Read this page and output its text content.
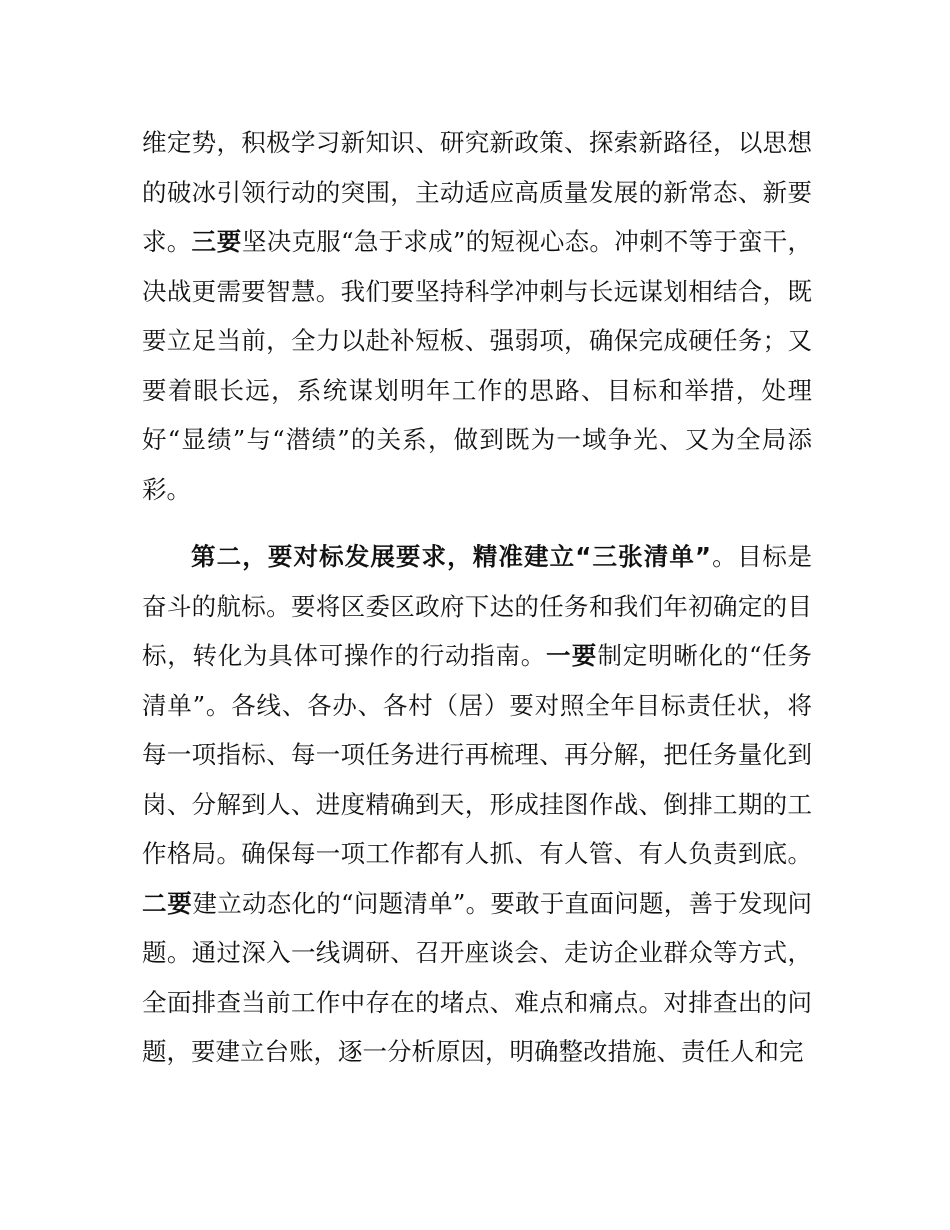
维定势，积极学习新知识、研究新政策、探索新路径，以思想的破冰引领行动的突围，主动适应高质量发展的新常态、新要求。三要坚决克服“急于求成”的短视心态。冲刺不等于蛮干，决战更需要智慧。我们要坚持科学冲刺与长远谋划相结合，既要立足当前，全力以赴补短板、强弱项，确保完成硬任务；又要着眼长远，系统谋划明年工作的思路、目标和举措，处理好“显绩”与“潜绩”的关系，做到既为一域争光、又为全局添彩。

第二，要对标发展要求，精准建立“三张清单”。目标是奋斗的航标。要将区委区政府下达的任务和我们年初确定的目标，转化为具体可操作的行动指南。一要制定明晰化的“任务清单”。各线、各办、各村（居）要对照全年目标责任状，将每一项指标、每一项任务进行再梳理、再分解，把任务量化到岗、分解到人、进度精确到天，形成挂图作战、倒排工期的工作格局。确保每一项工作都有人抓、有人管、有人负责到底。二要建立动态化的“问题清单”。要敢于直面问题，善于发现问题。通过深入一线调研、召开座谈会、走访企业群众等方式，全面排查当前工作中存在的堵点、难点和痛点。对排查出的问题，要建立台账，逐一分析原因，明确整改措施、责任人和完
